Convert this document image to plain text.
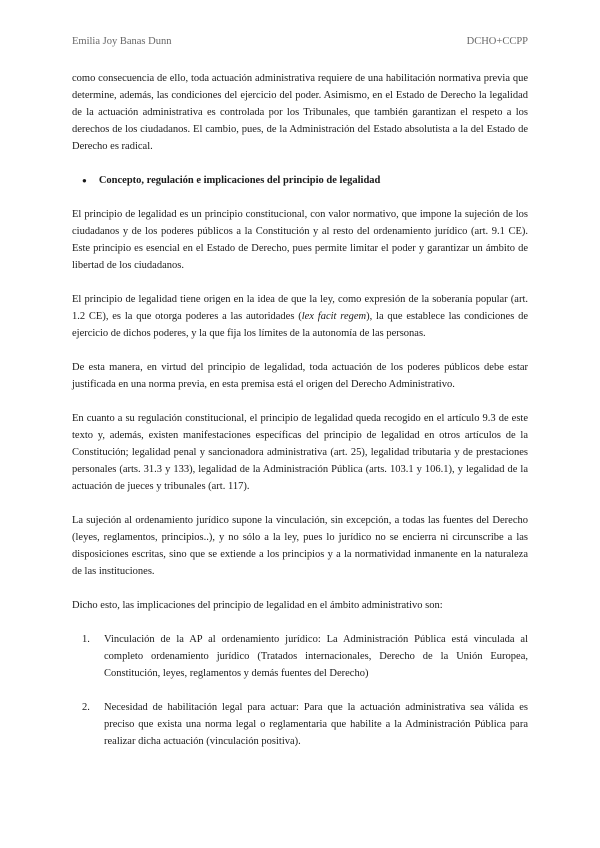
Emilia Joy Banas Dunn	DCHO+CCPP

como consecuencia de ello, toda actuación administrativa requiere de una habilitación normativa previa que determine, además, las condiciones del ejercicio del poder. Asimismo, en el Estado de Derecho la legalidad de la actuación administrativa es controlada por los Tribunales, que también garantizan el respeto a los derechos de los ciudadanos. El cambio, pues, de la Administración del Estado absolutista a la del Estado de Derecho es radical.

● Concepto, regulación e implicaciones del principio de legalidad

El principio de legalidad es un principio constitucional, con valor normativo, que impone la sujeción de los ciudadanos y de los poderes públicos a la Constitución y al resto del ordenamiento jurídico (art. 9.1 CE). Este principio es esencial en el Estado de Derecho, pues permite limitar el poder y garantizar un ámbito de libertad de los ciudadanos.

El principio de legalidad tiene origen en la idea de que la ley, como expresión de la soberanía popular (art. 1.2 CE), es la que otorga poderes a las autoridades (lex facit regem), la que establece las condiciones de ejercicio de dichos poderes, y la que fija los límites de la autonomía de las personas.

De esta manera, en virtud del principio de legalidad, toda actuación de los poderes públicos debe estar justificada en una norma previa, en esta premisa está el origen del Derecho Administrativo.

En cuanto a su regulación constitucional, el principio de legalidad queda recogido en el artículo 9.3 de este texto y, además, existen manifestaciones específicas del principio de legalidad en otros artículos de la Constitución; legalidad penal y sancionadora administrativa (art. 25), legalidad tributaria y de prestaciones personales (arts. 31.3 y 133), legalidad de la Administración Pública (arts. 103.1 y 106.1), y legalidad de la actuación de jueces y tribunales (art. 117).

La sujeción al ordenamiento jurídico supone la vinculación, sin excepción, a todas las fuentes del Derecho (leyes, reglamentos, principios..), y no sólo a la ley, pues lo jurídico no se encierra ni circunscribe a las disposiciones escritas, sino que se extiende a los principios y a la normatividad inmanente en la naturaleza de las instituciones.

Dicho esto, las implicaciones del principio de legalidad en el ámbito administrativo son:

1.	Vinculación de la AP al ordenamiento jurídico: La Administración Pública está vinculada al completo ordenamiento jurídico (Tratados internacionales, Derecho de la Unión Europea, Constitución, leyes, reglamentos y demás fuentes del Derecho)
2.	Necesidad de habilitación legal para actuar: Para que la actuación administrativa sea válida es preciso que exista una norma legal o reglamentaria que habilite a la Administración Pública para realizar dicha actuación (vinculación positiva).
